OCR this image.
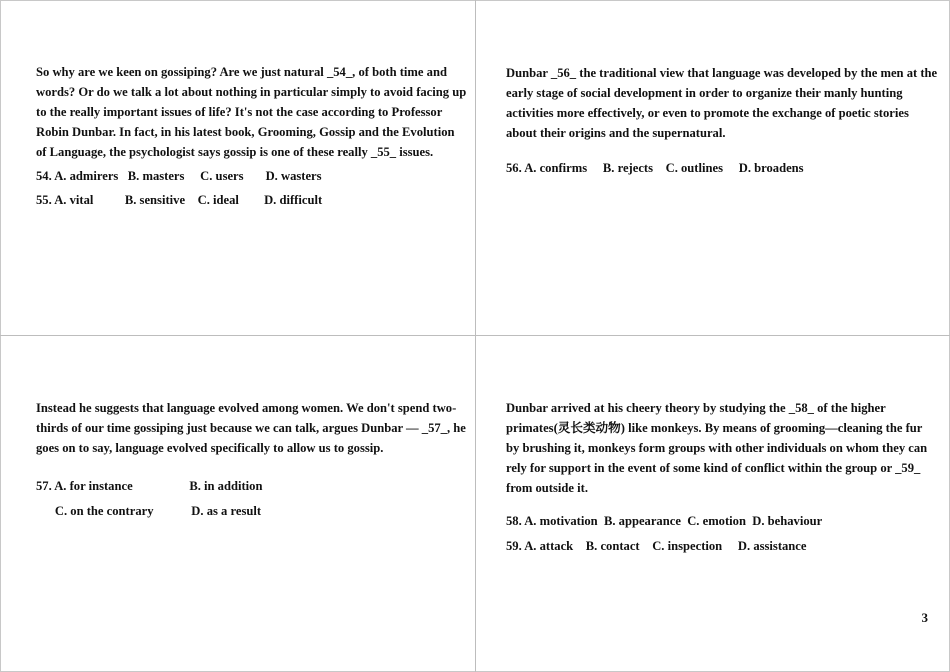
So why are we keen on gossiping? Are we just natural _54_, of both time and words? Or do we talk a lot about nothing in particular simply to avoid facing up to the really important issues of life? It's not the case according to Professor Robin Dunbar. In fact, in his latest book, Grooming, Gossip and the Evolution of Language, the psychologist says gossip is one of these really _55_ issues.

54. A. admirers   B. masters     C. users       D. wasters

55. A. vital          B. sensitive    C. ideal        D. difficult

Dunbar _56_ the traditional view that language was developed by the men at the early stage of social development in order to organize their manly hunting activities more effectively, or even to promote the exchange of poetic stories about their origins and the supernatural.

56. A. confirms     B. rejects    C. outlines     D. broadens

Instead he suggests that language evolved among women. We don't spend two-thirds of our time gossiping just because we can talk, argues Dunbar — _57_, he goes on to say, language evolved specifically to allow us to gossip.

57. A. for instance                  B. in addition

C. on the contrary            D. as a result

Dunbar arrived at his cheery theory by studying the _58_ of the higher primates(灵长类动物) like monkeys. By means of grooming—cleaning the fur by brushing it, monkeys form groups with other individuals on whom they can rely for support in the event of some kind of conflict within the group or _59_ from outside it.

58. A. motivation  B. appearance  C. emotion  D. behaviour

59. A. attack    B. contact    C. inspection     D. assistance

3
